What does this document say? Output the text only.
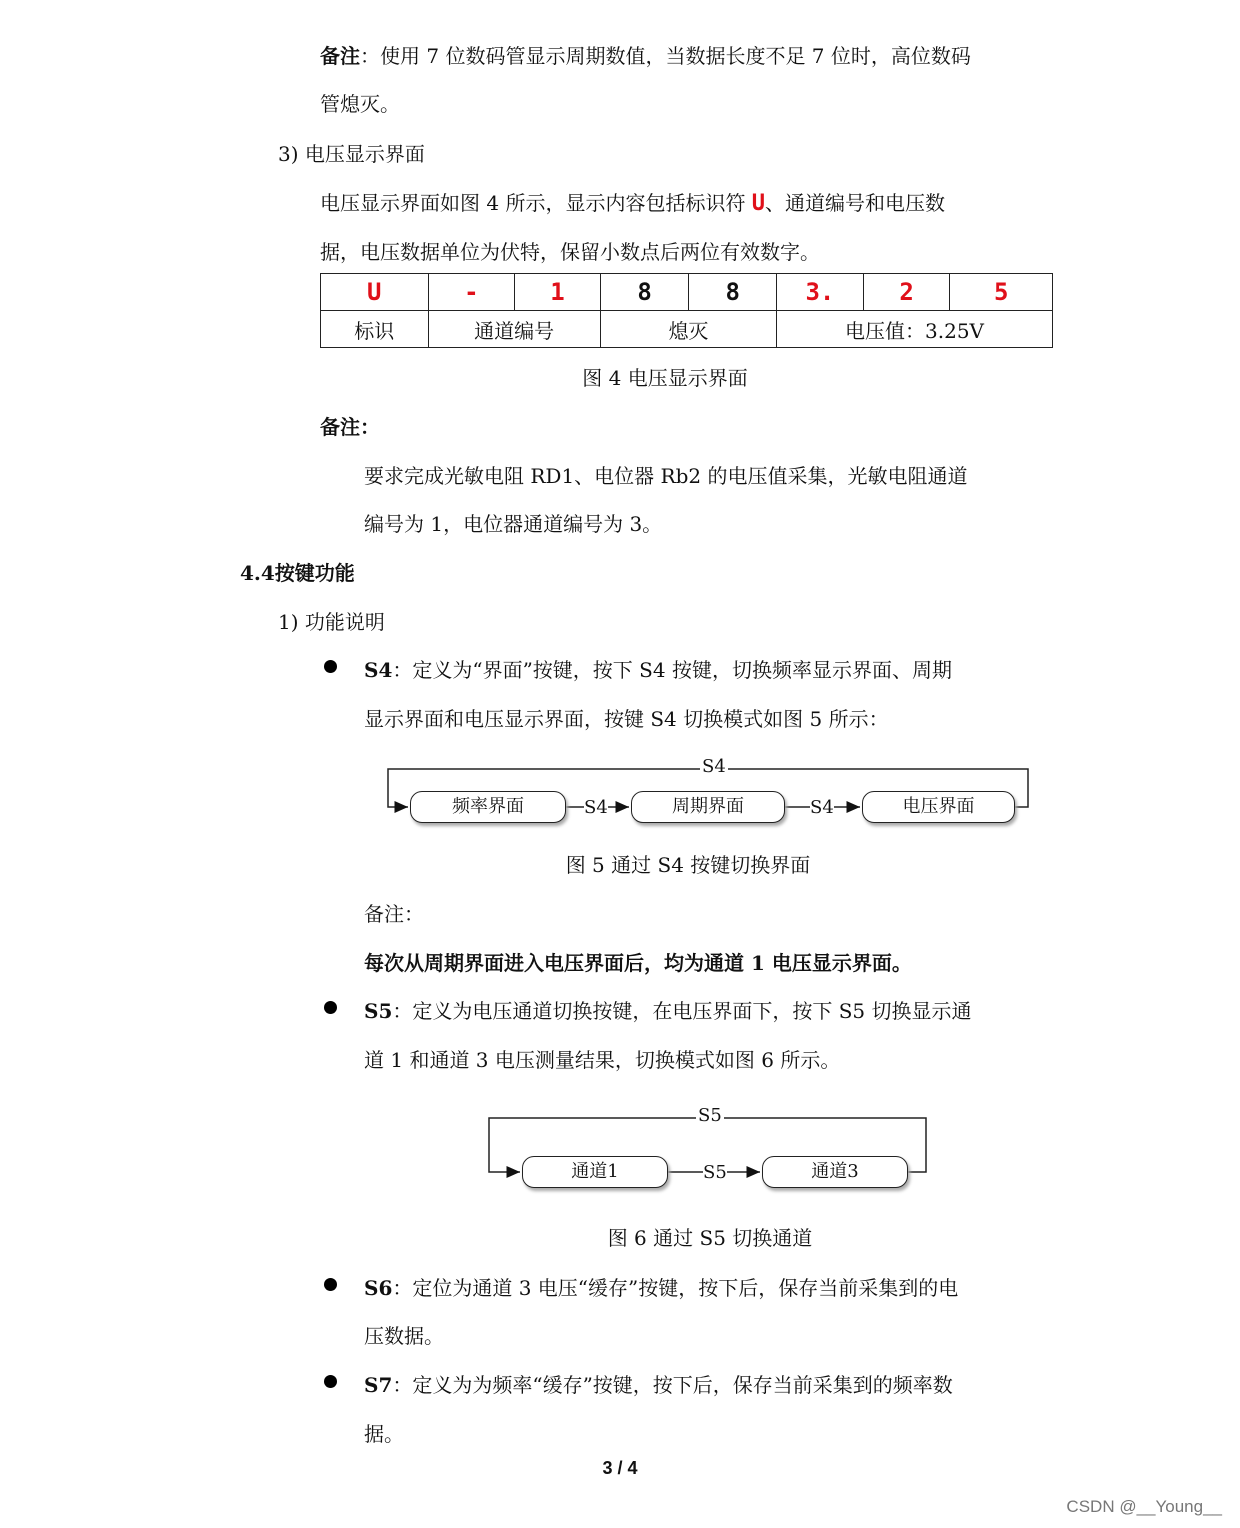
备注：使用 7 位数码管显示周期数值，当数据长度不足 7 位时，高位数码
管熄灭。
3) 电压显示界面
电压显示界面如图 4 所示，显示内容包括标识符 U、通道编号和电压数
据，电压数据单位为伏特，保留小数点后两位有效数字。
U	-	1	8	8	3.	2	5
标识	通道编号		熄灭		电压值：3.25V		
图 4 电压显示界面
备注：
要求完成光敏电阻 RD1、电位器 Rb2 的电压值采集，光敏电阻通道
编号为 1，电位器通道编号为 3。
4.4按键功能
1) 功能说明
S4：定义为“界面”按键，按下 S4 按键，切换频率显示界面、周期
显示界面和电压显示界面，按键 S4 切换模式如图 5 所示：
S4
频率界面	S4	周期界面	S4	电压界面
图 5 通过 S4 按键切换界面
备注：
每次从周期界面进入电压界面后，均为通道 1 电压显示界面。
S5：定义为电压通道切换按键，在电压界面下，按下 S5 切换显示通
道 1 和通道 3 电压测量结果，切换模式如图 6 所示。
S5
通道1	S5	通道3
图 6 通过 S5 切换通道
S6：定位为通道 3 电压“缓存”按键，按下后，保存当前采集到的电
压数据。
S7：定义为为频率“缓存”按键，按下后，保存当前采集到的频率数
据。
3 / 4
CSDN @__Young__
